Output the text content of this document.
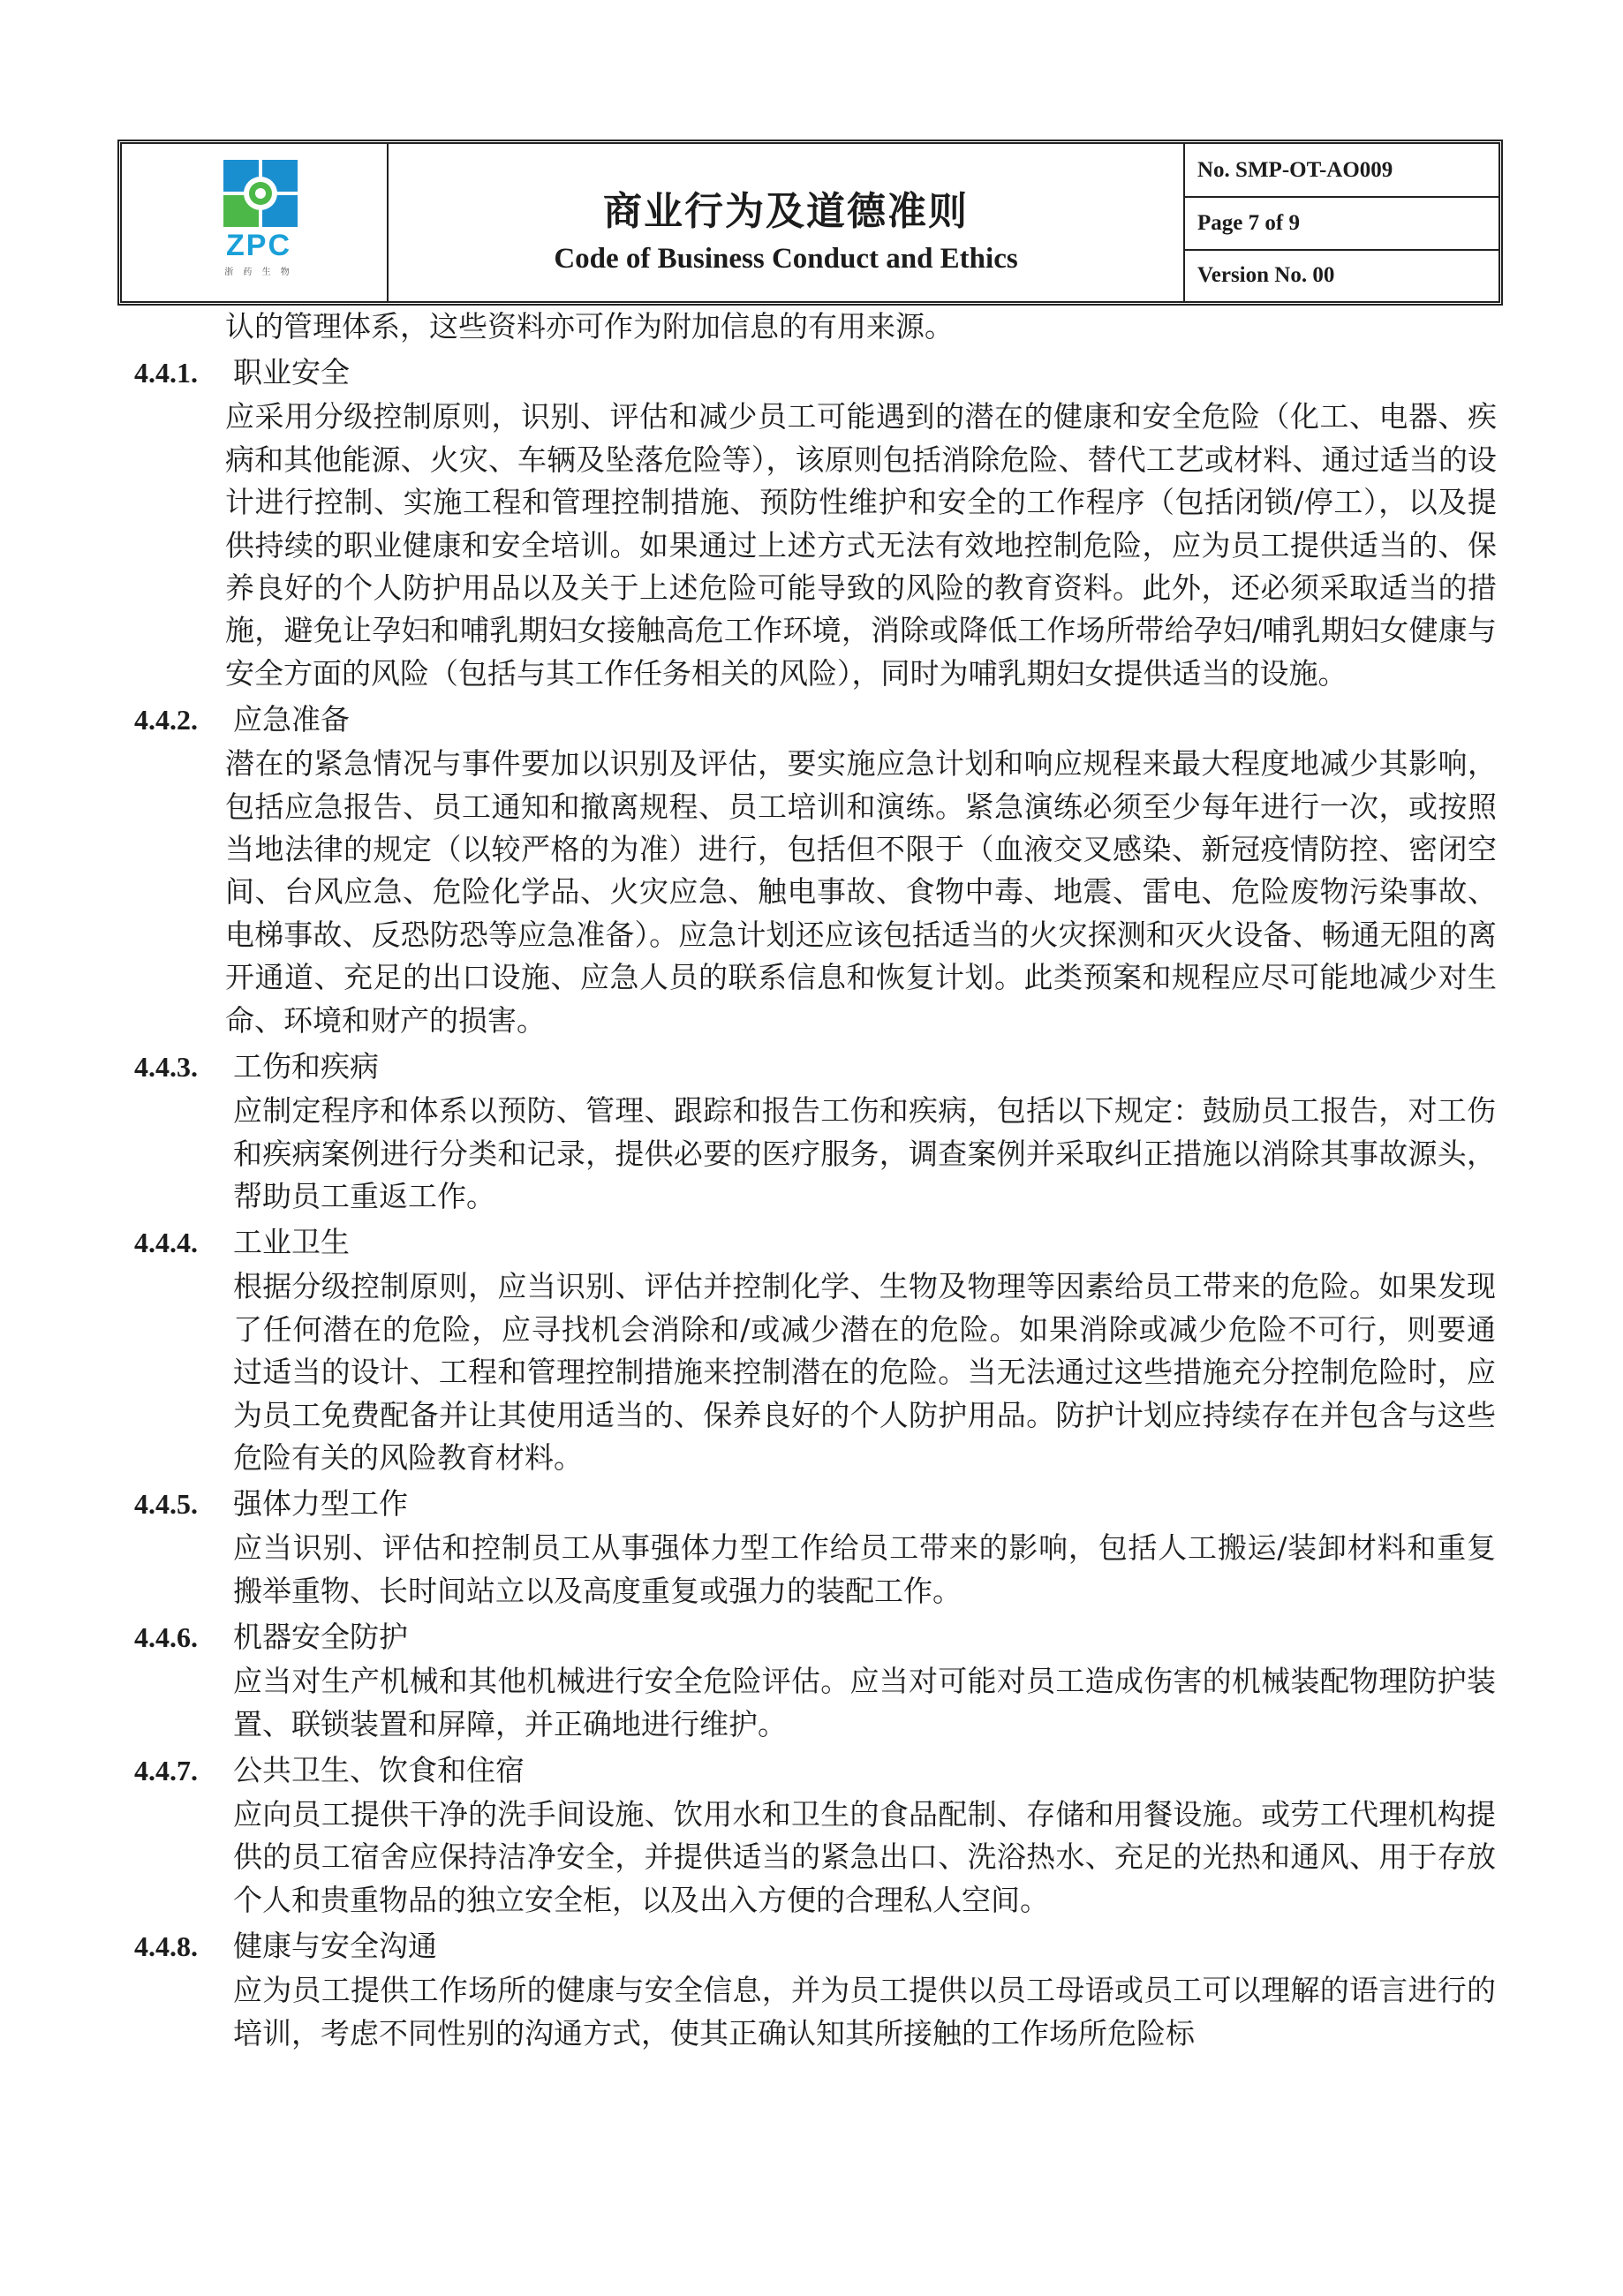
ZPC
浙 药 生 物
商业行为及道德准则
Code of Business Conduct and Ethics
No. SMP-OT-AO009
Page 7 of 9
Version No. 00

认的管理体系，这些资料亦可作为附加信息的有用来源。

4.4.1.	职业安全

应采用分级控制原则，识别、评估和减少员工可能遇到的潜在的健康和安全危险（化工、电器、疾病和其他能源、火灾、车辆及坠落危险等），该原则包括消除危险、替代工艺或材料、通过适当的设计进行控制、实施工程和管理控制措施、预防性维护和安全的工作程序（包括闭锁/停工），以及提供持续的职业健康和安全培训。如果通过上述方式无法有效地控制危险，应为员工提供适当的、保养良好的个人防护用品以及关于上述危险可能导致的风险的教育资料。此外，还必须采取适当的措施，避免让孕妇和哺乳期妇女接触高危工作环境，消除或降低工作场所带给孕妇/哺乳期妇女健康与安全方面的风险（包括与其工作任务相关的风险），同时为哺乳期妇女提供适当的设施。

4.4.2.	应急准备

潜在的紧急情况与事件要加以识别及评估，要实施应急计划和响应规程来最大程度地减少其影响，包括应急报告、员工通知和撤离规程、员工培训和演练。紧急演练必须至少每年进行一次，或按照当地法律的规定（以较严格的为准）进行，包括但不限于（血液交叉感染、新冠疫情防控、密闭空间、台风应急、危险化学品、火灾应急、触电事故、食物中毒、地震、雷电、危险废物污染事故、电梯事故、反恐防恐等应急准备）。应急计划还应该包括适当的火灾探测和灭火设备、畅通无阻的离开通道、充足的出口设施、应急人员的联系信息和恢复计划。此类预案和规程应尽可能地减少对生命、环境和财产的损害。

4.4.3.	工伤和疾病

应制定程序和体系以预防、管理、跟踪和报告工伤和疾病，包括以下规定：鼓励员工报告，对工伤和疾病案例进行分类和记录，提供必要的医疗服务，调查案例并采取纠正措施以消除其事故源头，帮助员工重返工作。

4.4.4.	工业卫生

根据分级控制原则，应当识别、评估并控制化学、生物及物理等因素给员工带来的危险。如果发现了任何潜在的危险，应寻找机会消除和/或减少潜在的危险。如果消除或减少危险不可行，则要通过适当的设计、工程和管理控制措施来控制潜在的危险。当无法通过这些措施充分控制危险时，应为员工免费配备并让其使用适当的、保养良好的个人防护用品。防护计划应持续存在并包含与这些危险有关的风险教育材料。

4.4.5.	强体力型工作

应当识别、评估和控制员工从事强体力型工作给员工带来的影响，包括人工搬运/装卸材料和重复搬举重物、长时间站立以及高度重复或强力的装配工作。

4.4.6.	机器安全防护

应当对生产机械和其他机械进行安全危险评估。应当对可能对员工造成伤害的机械装配物理防护装置、联锁装置和屏障，并正确地进行维护。

4.4.7.	公共卫生、饮食和住宿

应向员工提供干净的洗手间设施、饮用水和卫生的食品配制、存储和用餐设施。或劳工代理机构提供的员工宿舍应保持洁净安全，并提供适当的紧急出口、洗浴热水、充足的光热和通风、用于存放个人和贵重物品的独立安全柜，以及出入方便的合理私人空间。

4.4.8.	健康与安全沟通

应为员工提供工作场所的健康与安全信息，并为员工提供以员工母语或员工可以理解的语言进行的培训，考虑不同性别的沟通方式，使其正确认知其所接触的工作场所危险标
